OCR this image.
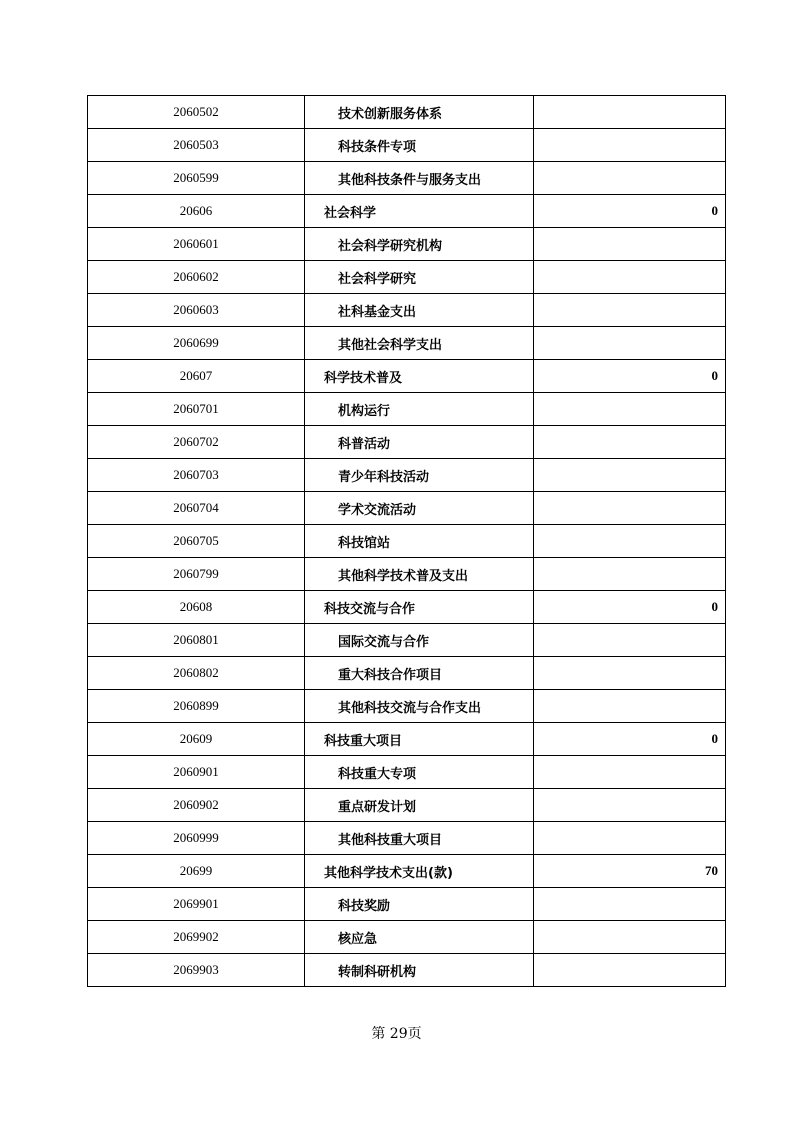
2060502	技术创新服务体系	
2060503	科技条件专项	
2060599	其他科技条件与服务支出	
20606	社会科学	0
2060601	社会科学研究机构	
2060602	社会科学研究	
2060603	社科基金支出	
2060699	其他社会科学支出	
20607	科学技术普及	0
2060701	机构运行	
2060702	科普活动	
2060703	青少年科技活动	
2060704	学术交流活动	
2060705	科技馆站	
2060799	其他科学技术普及支出	
20608	科技交流与合作	0
2060801	国际交流与合作	
2060802	重大科技合作项目	
2060899	其他科技交流与合作支出	
20609	科技重大项目	0
2060901	科技重大专项	
2060902	重点研发计划	
2060999	其他科技重大项目	
20699	其他科学技术支出(款)	70
2069901	科技奖励	
2069902	核应急	
2069903	转制科研机构	
第 29页
